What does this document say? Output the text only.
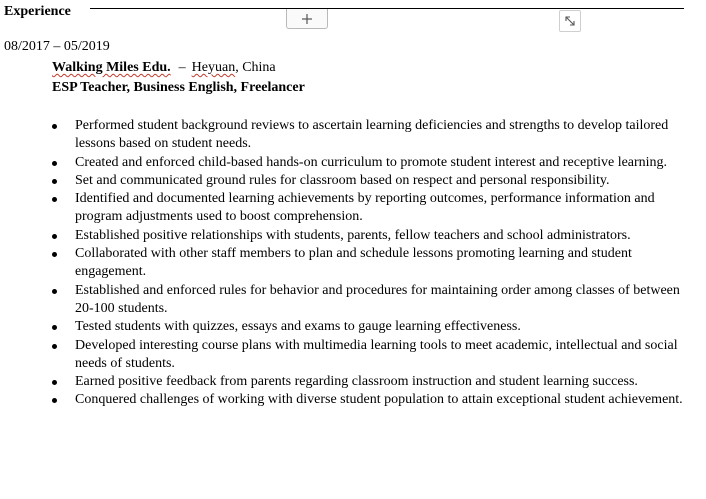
Experience
08/2017 – 05/2019
Walking Miles Edu. – Heyuan, China
ESP Teacher, Business English, Freelancer
Performed student background reviews to ascertain learning deficiencies and strengths to develop tailored lessons based on student needs.
Created and enforced child-based hands-on curriculum to promote student interest and receptive learning.
Set and communicated ground rules for classroom based on respect and personal responsibility.
Identified and documented learning achievements by reporting outcomes, performance information and program adjustments used to boost comprehension.
Established positive relationships with students, parents, fellow teachers and school administrators.
Collaborated with other staff members to plan and schedule lessons promoting learning and student engagement.
Established and enforced rules for behavior and procedures for maintaining order among classes of between 20-100 students.
Tested students with quizzes, essays and exams to gauge learning effectiveness.
Developed interesting course plans with multimedia learning tools to meet academic, intellectual and social needs of students.
Earned positive feedback from parents regarding classroom instruction and student learning success.
Conquered challenges of working with diverse student population to attain exceptional student achievement.
